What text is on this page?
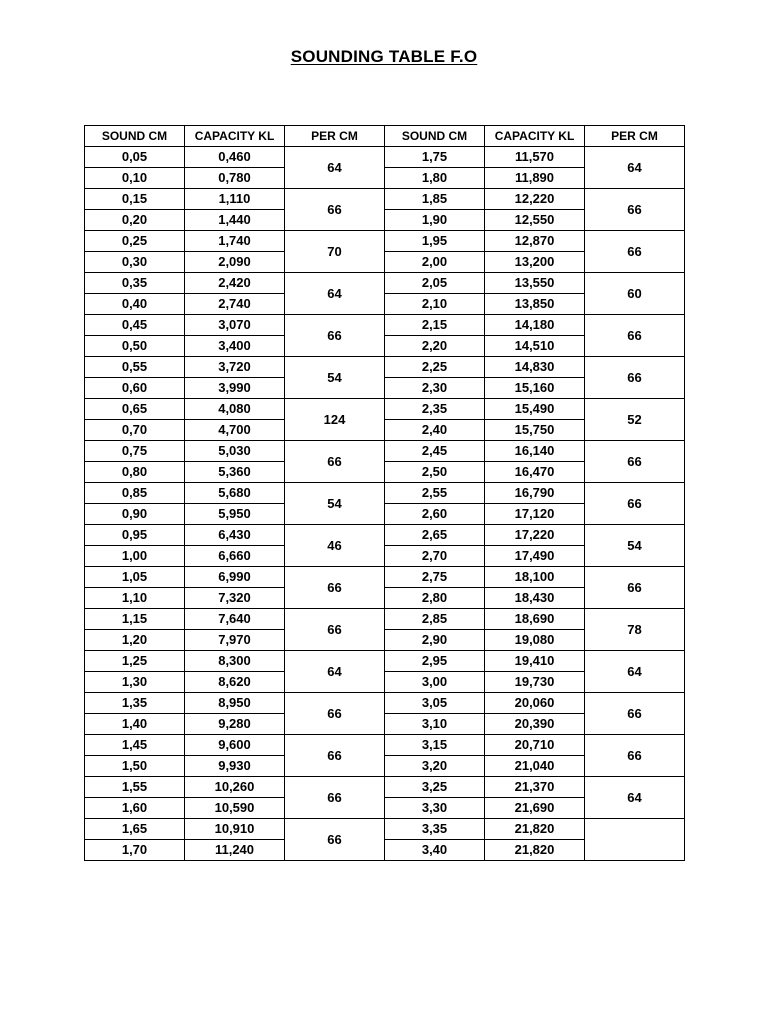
SOUNDING TABLE F.O
SOUND CM	CAPACITY KL	PER CM	SOUND CM	CAPACITY KL	PER CM
0,05	0,460	64	1,75	11,570	64
0,10	0,780		1,80	11,890	
0,15	1,110	66	1,85	12,220	66
0,20	1,440		1,90	12,550	
0,25	1,740	70	1,95	12,870	66
0,30	2,090		2,00	13,200	
0,35	2,420	64	2,05	13,550	60
0,40	2,740		2,10	13,850	
0,45	3,070	66	2,15	14,180	66
0,50	3,400		2,20	14,510	
0,55	3,720	54	2,25	14,830	66
0,60	3,990		2,30	15,160	
0,65	4,080	124	2,35	15,490	52
0,70	4,700		2,40	15,750	
0,75	5,030	66	2,45	16,140	66
0,80	5,360		2,50	16,470	
0,85	5,680	54	2,55	16,790	66
0,90	5,950		2,60	17,120	
0,95	6,430	46	2,65	17,220	54
1,00	6,660		2,70	17,490	
1,05	6,990	66	2,75	18,100	66
1,10	7,320		2,80	18,430	
1,15	7,640	66	2,85	18,690	78
1,20	7,970		2,90	19,080	
1,25	8,300	64	2,95	19,410	64
1,30	8,620		3,00	19,730	
1,35	8,950	66	3,05	20,060	66
1,40	9,280		3,10	20,390	
1,45	9,600	66	3,15	20,710	66
1,50	9,930		3,20	21,040	
1,55	10,260	66	3,25	21,370	64
1,60	10,590		3,30	21,690	
1,65	10,910	66	3,35	21,820	
1,70	11,240		3,40	21,820	
